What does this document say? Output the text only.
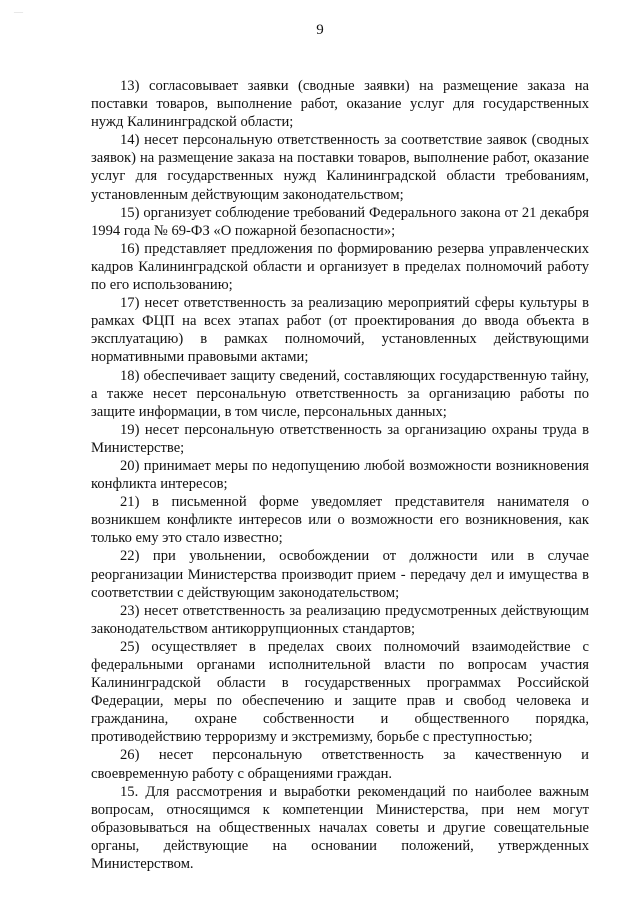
—
9

13) согласовывает заявки (сводные заявки) на размещение заказа на поставки товаров, выполнение работ, оказание услуг для государственных нужд Калининградской области;

14) несет персональную ответственность за соответствие заявок (сводных заявок) на размещение заказа на поставки товаров, выполнение работ, оказание услуг для государственных нужд Калининградской области требованиям, установленным действующим законодательством;

15) организует соблюдение требований Федерального закона от 21 декабря 1994 года № 69-ФЗ «О пожарной безопасности»;

16) представляет предложения по формированию резерва управленческих кадров Калининградской области и организует в пределах полномочий работу по его использованию;

17) несет ответственность за реализацию мероприятий сферы культуры в рамках ФЦП на всех этапах работ (от проектирования до ввода объекта в эксплуатацию) в рамках полномочий, установленных действующими нормативными правовыми актами;

18) обеспечивает защиту сведений, составляющих государственную тайну, а также несет персональную ответственность за организацию работы по защите информации, в том числе, персональных данных;

19) несет персональную ответственность за организацию охраны труда в Министерстве;

20) принимает меры по недопущению любой возможности возникновения конфликта интересов;

21) в письменной форме уведомляет представителя нанимателя о возникшем конфликте интересов или о возможности его возникновения, как только ему это стало известно;

22) при увольнении, освобождении от должности или в случае реорганизации Министерства производит прием - передачу дел и имущества в соответствии с действующим законодательством;

23) несет ответственность за реализацию предусмотренных действующим законодательством антикоррупционных стандартов;

25) осуществляет в пределах своих полномочий взаимодействие с федеральными органами исполнительной власти по вопросам участия Калининградской области в государственных программах Российской Федерации, меры по обеспечению и защите прав и свобод человека и гражданина, охране собственности и общественного порядка, противодействию терроризму и экстремизму, борьбе с преступностью;

26) несет персональную ответственность за качественную и своевременную работу с обращениями граждан.

15. Для рассмотрения и выработки рекомендаций по наиболее важным вопросам, относящимся к компетенции Министерства, при нем могут образовываться на общественных началах советы и другие совещательные органы, действующие на основании положений, утвержденных Министерством.
